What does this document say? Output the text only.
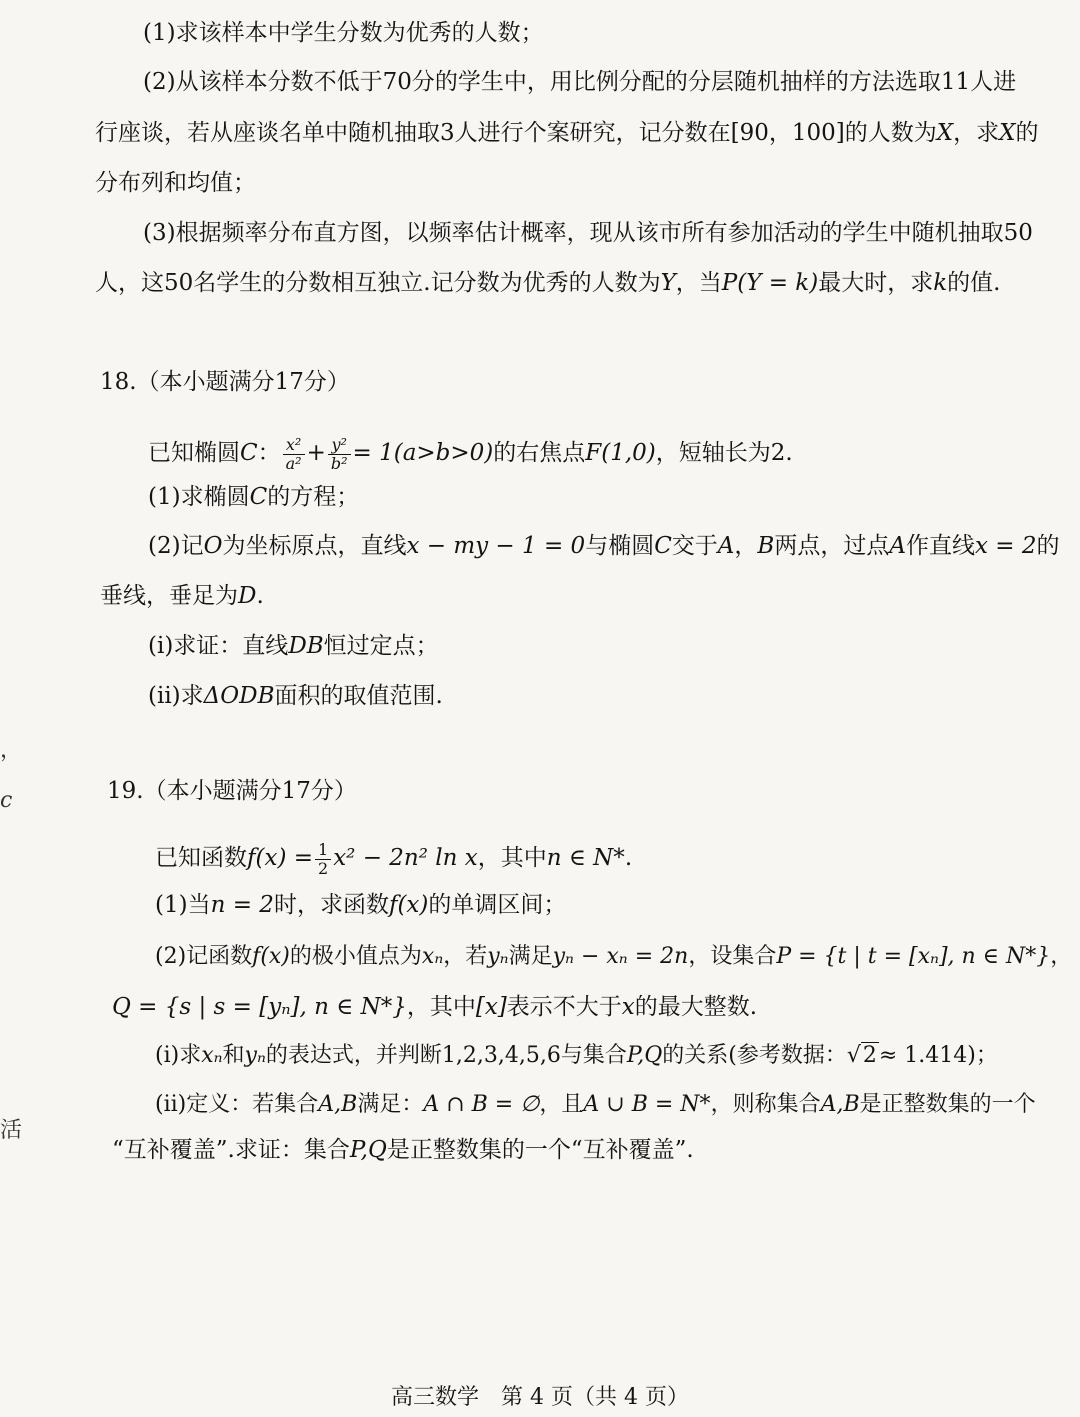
(1)求该样本中学生分数为优秀的人数；
(2)从该样本分数不低于70分的学生中，用比例分配的分层随机抽样的方法选取11人进
行座谈，若从座谈名单中随机抽取3人进行个案研究，记分数在[90，100]的人数为X，求X的
分布列和均值；
(3)根据频率分布直方图，以频率估计概率，现从该市所有参加活动的学生中随机抽取50
人，这50名学生的分数相互独立.记分数为优秀的人数为Y，当P(Y = k)最大时，求k的值.
18.（本小题满分17分）
已知椭圆C： $\frac{\text{x²}}{\text{a²}} + \frac{\text{y²}}{\text{b²}} = 1(a>b>0)$的右焦点F(1,0)，短轴长为2.
(1)求椭圆C的方程；
(2)记O为坐标原点，直线x − my − 1 = 0与椭圆C交于A，B两点，过点A作直线x = 2的
垂线，垂足为D.
(ⅰ)求证：直线DB恒过定点；
(ⅱ)求ΔODB面积的取值范围.
，
c
活
19.（本小题满分17分）
已知函数$f(x) = \frac{1}{2} x^2 - 2n^2$ ln x，其中n ∈ N*.
(1)当n = 2时，求函数f(x)的单调区间；
(2)记函数f(x)的极小值点为xₙ，若yₙ满足yₙ − xₙ = 2n，设集合P = {t | t = [xₙ], n ∈ N*}，
Q = {s | s = [yₙ], n ∈ N*}，其中[x]表示不大于x的最大整数.
(ⅰ)求xₙ和yₙ的表达式，并判断1,2,3,4,5,6与集合P,Q的关系(参考数据：√2≈ 1.414)；
(ⅱ)定义：若集合A,B满足：A ∩ B = ∅，且A ∪ B = N*，则称集合A,B是正整数集的一个
“互补覆盖”.求证：集合P,Q是正整数集的一个“互补覆盖”.
高三数学　第 4 页（共 4 页）
